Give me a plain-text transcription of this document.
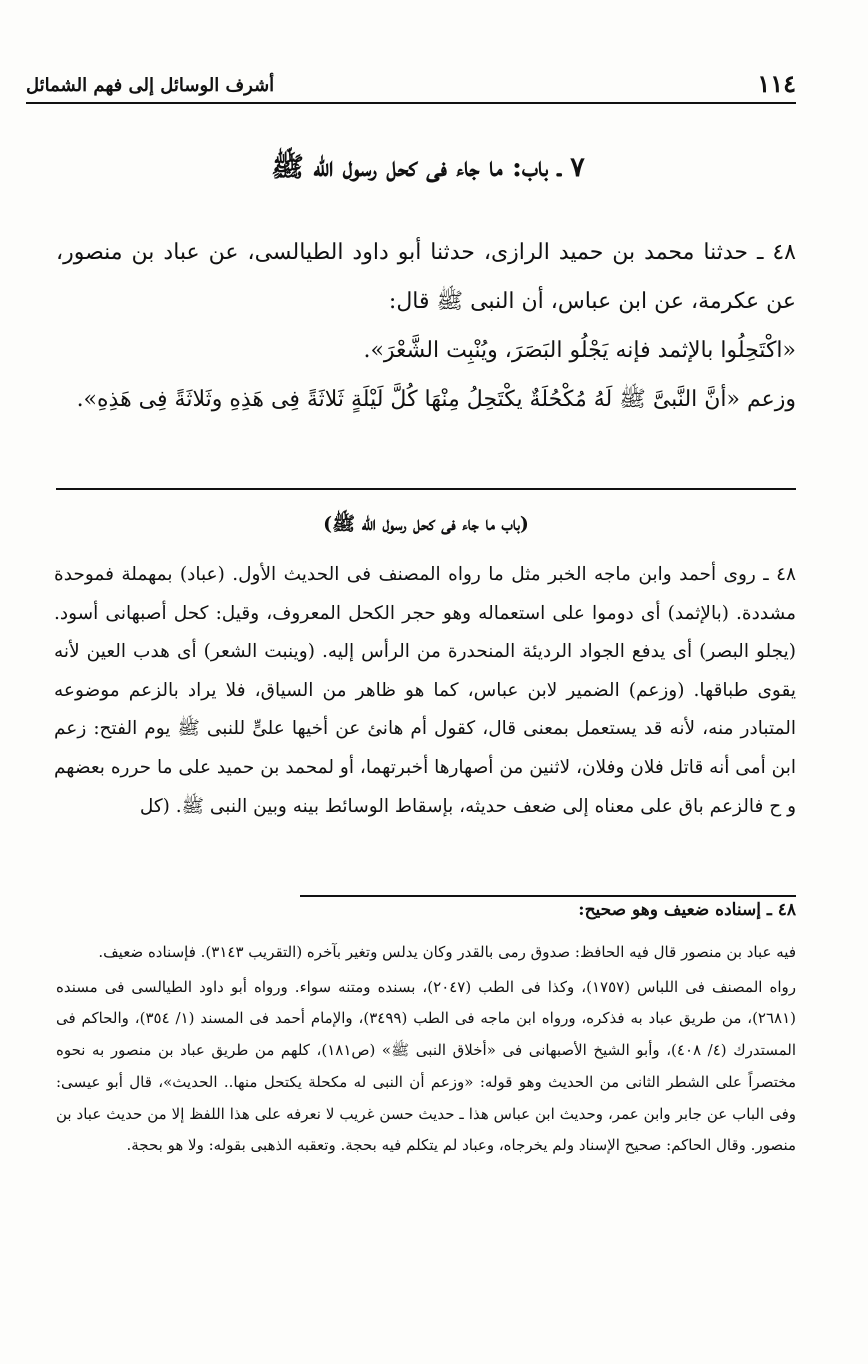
أشرف الوسائل إلى فهم الشمائل	١١٤
٧ ـ باب: ما جاء فى كحل رسول الله ﷺ

٤٨ ـ حدثنا محمد بن حميد الرازى، حدثنا أبو داود الطيالسى، عن عباد بن منصور، عن عكرمة، عن ابن عباس، أن النبى ﷺ قال:

«اكْتَحِلُوا بالإثمد فإنه يَجْلُو البَصَرَ، ويُنْبِت الشَّعْرَ».

وزعم «أنَّ النَّبىَّ ﷺ لَهُ مُكْحُلَةٌ يكْتَحِلُ مِنْهَا كُلَّ لَيْلَةٍ ثَلاثَةً فِى هَذِهِ وثَلاثَةً فِى هَذِهِ».

(باب ما جاء فى كحل رسول الله ﷺ)

٤٨ ـ روى أحمد وابن ماجه الخبر مثل ما رواه المصنف فى الحديث الأول. (عباد) بمهملة فموحدة مشددة. (بالإثمد) أى دوموا على استعماله وهو حجر الكحل المعروف، وقيل: كحل أصبهانى أسود. (يجلو البصر) أى يدفع الجواد الرديئة المنحدرة من الرأس إليه. (وينبت الشعر) أى هدب العين لأنه يقوى طباقها. (وزعم) الضمير لابن عباس، كما هو ظاهر من السياق، فلا يراد بالزعم موضوعه المتبادر منه، لأنه قد يستعمل بمعنى قال، كقول أم هانئ عن أخيها علىٍّ للنبى ﷺ يوم الفتح: زعم ابن أمى أنه قاتل فلان وفلان، لاثنين من أصهارها أخبرتهما، أو لمحمد بن حميد على ما حرره بعضهم و ح فالزعم باق على معناه إلى ضعف حديثه، بإسقاط الوسائط بينه وبين النبى ﷺ. (كل

٤٨ ـ إسناده ضعيف وهو صحيح:

فيه عباد بن منصور قال فيه الحافظ: صدوق رمى بالقدر وكان يدلس وتغير بآخره (التقريب ٣١٤٣). فإسناده ضعيف.

رواه المصنف فى اللباس (١٧٥٧)، وكذا فى الطب (٢٠٤٧)، بسنده ومتنه سواء. ورواه أبو داود الطيالسى فى مسنده (٢٦٨١)، من طريق عباد به فذكره، ورواه ابن ماجه فى الطب (٣٤٩٩)، والإمام أحمد فى المسند (١/ ٣٥٤)، والحاكم فى المستدرك (٤/ ٤٠٨)، وأبو الشيخ الأصبهانى فى «أخلاق النبى ﷺ» (ص١٨١)، كلهم من طريق عباد بن منصور به نحوه مختصراً على الشطر الثانى من الحديث وهو قوله: «وزعم أن النبى له مكحلة يكتحل منها.. الحديث»، قال أبو عيسى: وفى الباب عن جابر وابن عمر، وحديث ابن عباس هذا ـ حديث حسن غريب لا نعرفه على هذا اللفظ إلا من حديث عباد بن منصور. وقال الحاكم: صحيح الإسناد ولم يخرجاه، وعباد لم يتكلم فيه بحجة. وتعقبه الذهبى بقوله: ولا هو بحجة.
